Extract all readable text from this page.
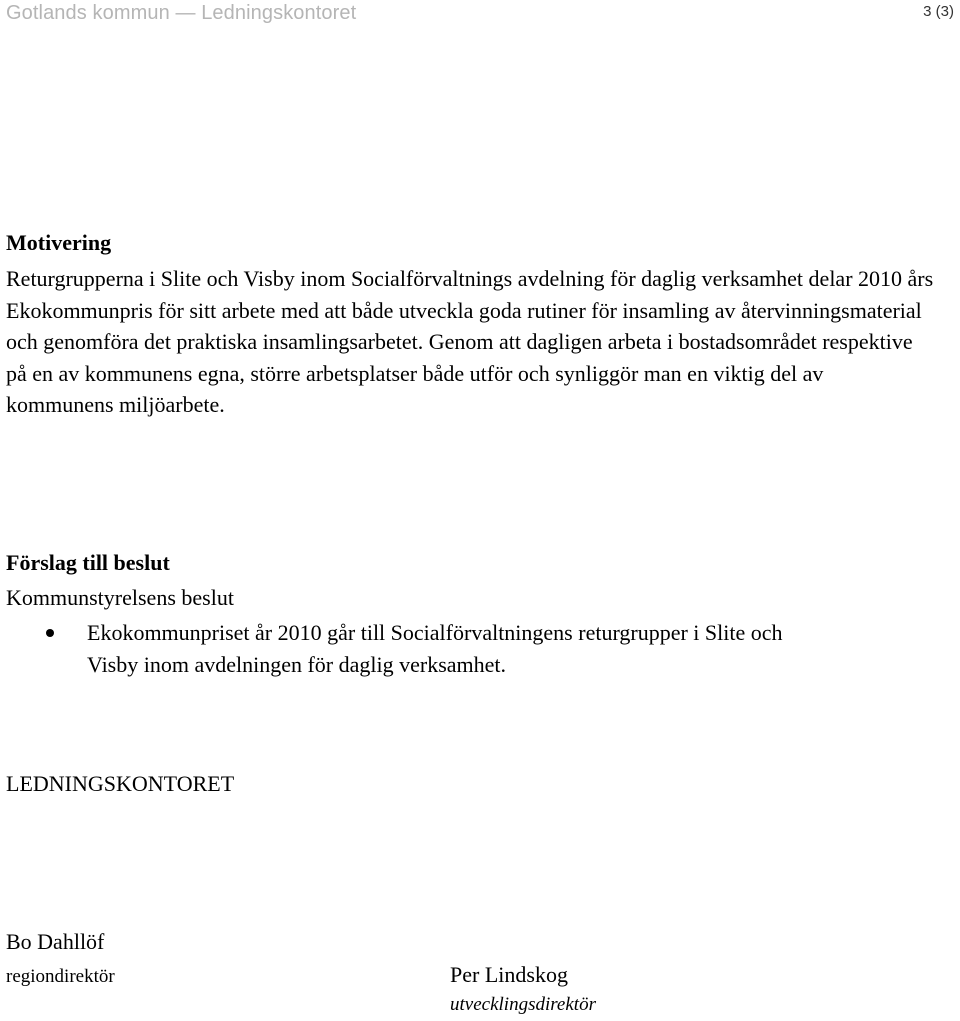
Gotlands kommun — Ledningskontoret	3 (3)
Motivering

Returgrupperna i Slite och Visby inom Socialförvaltnings avdelning för daglig verksamhet delar 2010 års Ekokommunpris för sitt arbete med att både utveckla goda rutiner för insamling av återvinningsmaterial och genomföra det praktiska insamlingsarbetet. Genom att dagligen arbeta i bostadsområdet respektive på en av kommunens egna, större arbetsplatser både utför och synliggör man en viktig del av kommunens miljöarbete.

Förslag till beslut
Kommunstyrelsens beslut

Ekokommunpriset år 2010 går till Socialförvaltningens returgrupper i Slite och Visby inom avdelningen för daglig verksamhet.

LEDNINGSKONTORET
Bo Dahllöf
regiondirektör	Per Lindskog
utvecklingsdirektör
